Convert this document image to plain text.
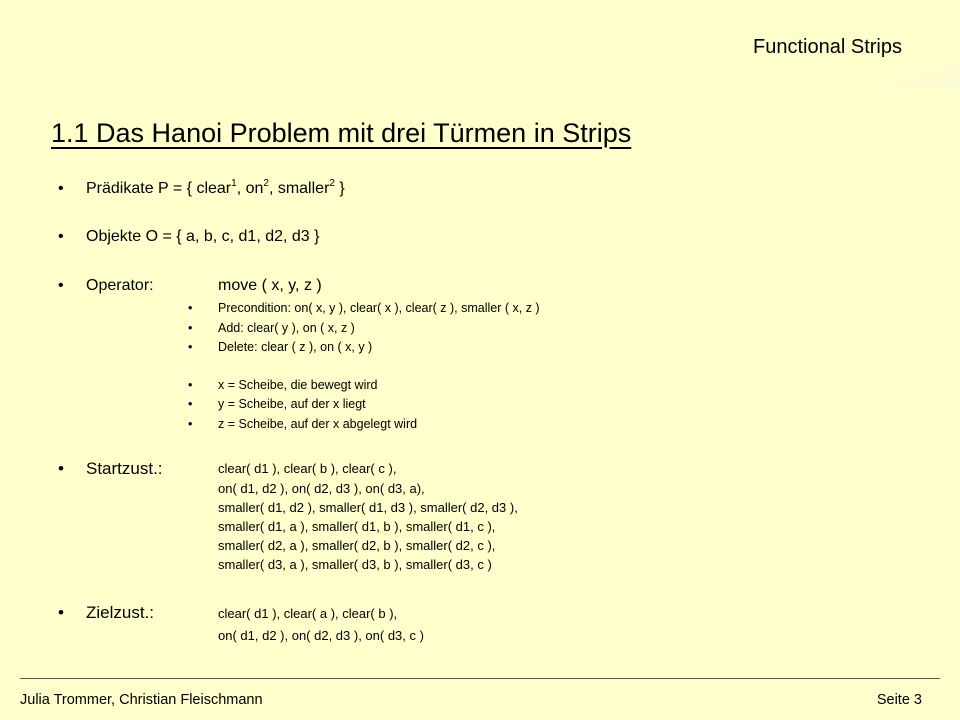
Functional Strips
1.1 Das Hanoi Problem mit drei Türmen in Strips
• Prädikate P = { clear$^1$, $on^2$, smaller$^2$ }
• Objekte O = { a, b, c, d1, d2, d3 }
• Operator:	move ( x, y, z )
• Precondition: on( x, y ), clear( x ), clear( z ), smaller ( x, z )
• Add: clear( y ), on ( x, z )
• Delete: clear ( z ), on ( x, y )
• x = Scheibe, die bewegt wird
• y = Scheibe, auf der x liegt
• z = Scheibe, auf der x abgelegt wird
• Startzust.:	clear( d1 ), clear( b ), clear( c ),
on( d1, d2 ), on( d2, d3 ), on( d3, a),
smaller( d1, d2 ), smaller( d1, d3 ), smaller( d2, d3 ),
smaller( d1, a ), smaller( d1, b ), smaller( d1, c ),
smaller( d2, a ), smaller( d2, b ), smaller( d2, c ),
smaller( d3, a ), smaller( d3, b ), smaller( d3, c )
• Zielzust.:	clear( d1 ), clear( a ), clear( b ),
on( d1, d2 ), on( d2, d3 ), on( d3, c )
Julia Trommer, Christian Fleischmann	Seite 3
